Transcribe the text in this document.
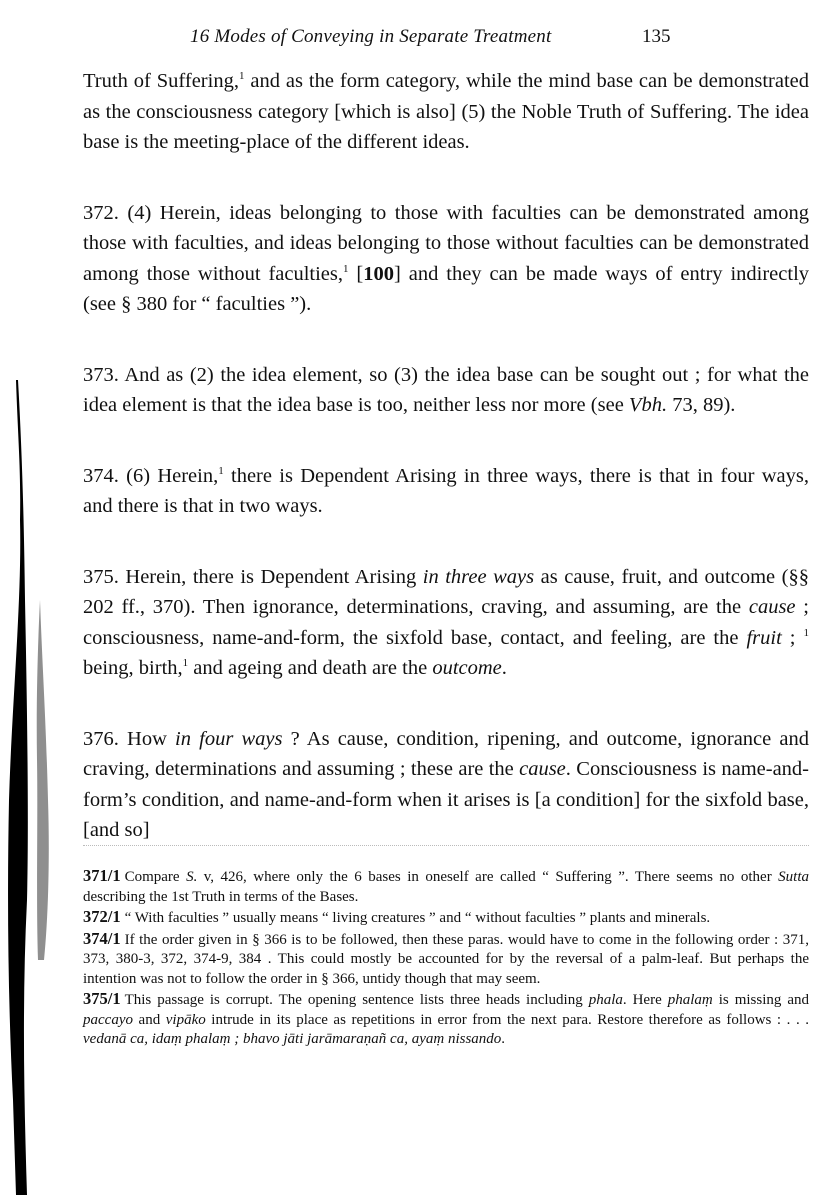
16 Modes of Conveying in Separate Treatment	135

Truth of Suffering,$^1$ and as the form category, while the mind base can be demonstrated as the consciousness category [which is also] (5) the Noble Truth of Suffering. The idea base is the meeting-place of the different ideas.

372. (4) Herein, ideas belonging to those with faculties can be demonstrated among those with faculties, and ideas belonging to those without faculties can be demonstrated among those without faculties,$^1$ [100] and they can be made ways of entry indirectly (see § 380 for “ faculties ”).

373. And as (2) the idea element, so (3) the idea base can be sought out ; for what the idea element is that the idea base is too, neither less nor more (see Vbh. 73, 89).

374. (6) Herein,$^1$ there is Dependent Arising in three ways, there is that in four ways, and there is that in two ways.

375. Herein, there is Dependent Arising in three ways as cause, fruit, and outcome (§§ 202 ff., 370). Then ignorance, determinations, craving, and assuming, are the cause ; consciousness, name-and-form, the sixfold base, contact, and feeling, are the fruit ; $^1$ being, birth,$^1$ and ageing and death are the outcome.

376. How in four ways ? As cause, condition, ripening, and outcome, ignorance and craving, determinations and assuming ; these are the cause. Consciousness is name-and-form’s condition, and name-and-form when it arises is [a condition] for the sixfold base, [and so]

371/1 Compare S. v, 426, where only the 6 bases in oneself are called “ Suffering ”. There seems no other Sutta describing the 1st Truth in terms of the Bases.

372/1 “ With faculties ” usually means “ living creatures ” and “ without faculties ” plants and minerals.

374/1 If the order given in § 366 is to be followed, then these paras. would have to come in the following order : 371, 373, 380-3, 372, 374-9, 384 . This could mostly be accounted for by the reversal of a palm-leaf. But perhaps the intention was not to follow the order in § 366, untidy though that may seem.

375/1 This passage is corrupt. The opening sentence lists three heads including phala. Here phalaṃ is missing and paccayo and vipāko intrude in its place as repetitions in error from the next para. Restore therefore as follows : . . . vedanā ca, idaṃ phalaṃ ; bhavo jāti jarāmaraṇañ ca, ayaṃ nissando.
